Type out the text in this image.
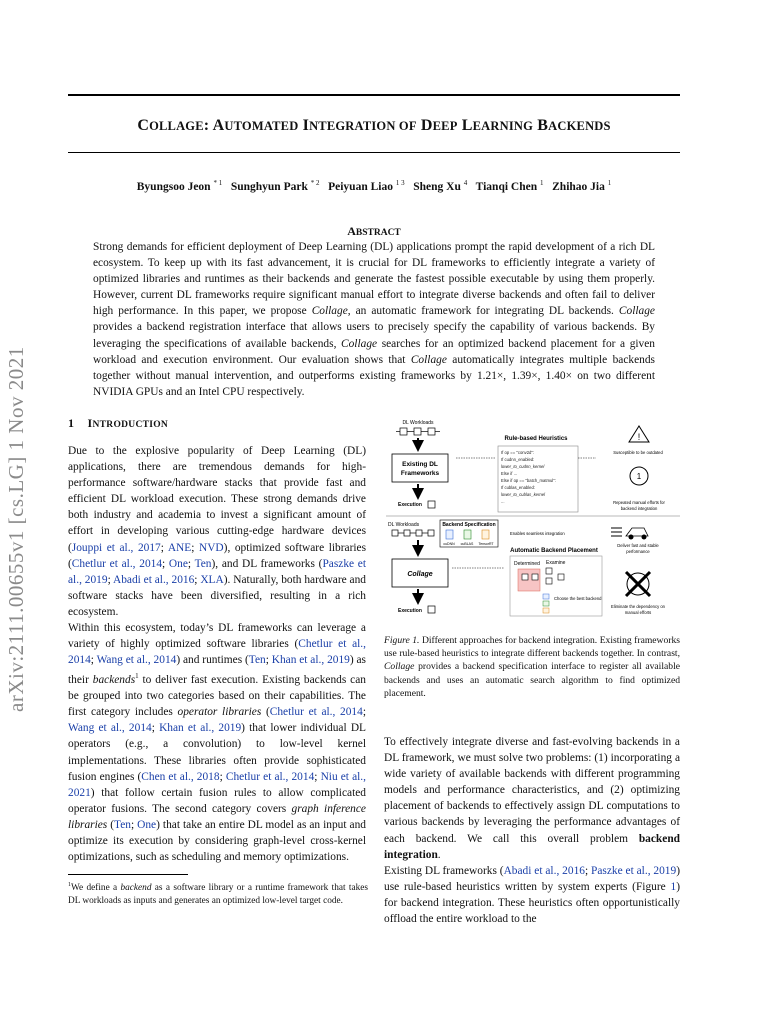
COLLAGE: AUTOMATED INTEGRATION OF DEEP LEARNING BACKENDS
Byungsoo Jeon $^{* 1}$ Sunghyun Park $^{* 2}$ Peiyuan Liao $^{1 3}$ Sheng Xu $^4$ Tianqi Chen $^1$ Zhihao Jia $^1$
ABSTRACT
Strong demands for efficient deployment of Deep Learning (DL) applications prompt the rapid development of a rich DL ecosystem. To keep up with its fast advancement, it is crucial for DL frameworks to efficiently integrate a variety of optimized libraries and runtimes as their backends and generate the fastest possible executable by using them properly. However, current DL frameworks require significant manual effort to integrate diverse backends and often fail to deliver high performance. In this paper, we propose Collage, an automatic framework for integrating DL backends. Collage provides a backend registration interface that allows users to precisely specify the capability of various backends. By leveraging the specifications of available backends, Collage searches for an optimized backend placement for a given workload and execution environment. Our evaluation shows that Collage automatically integrates multiple backends together without manual intervention, and outperforms existing frameworks by 1.21×, 1.39×, 1.40× on two different NVIDIA GPUs and an Intel CPU respectively.
arXiv:2111.00655v1 [cs.LG] 1 Nov 2021	1    INTRODUCTION
Due to the explosive popularity of Deep Learning (DL) applications, there are tremendous demands for high-performance software/hardware stacks that provide fast and efficient DL workload execution. These strong demands drive both industry and academia to invest a significant amount of effort in developing various cutting-edge hardware devices (Jouppi et al., 2017; ANE; NVD), optimized software libraries (Chetlur et al., 2014; One; Ten), and DL frameworks (Paszke et al., 2019; Abadi et al., 2016; XLA). Naturally, both hardware and software stacks have been diversified, resulting in a rich ecosystem.
Within this ecosystem, today’s DL frameworks can leverage a variety of highly optimized software libraries (Chetlur et al., 2014; Wang et al., 2014) and runtimes (Ten; Khan et al., 2019) as their backends$^1$ to deliver fast execution. Existing backends can be grouped into two categories based on their capabilities. The first category includes operator libraries (Chetlur et al., 2014; Wang et al., 2014; Khan et al., 2019) that lower individual DL operators (e.g., a convolution) to low-level kernel implementations. These libraries often provide sophisticated fusion engines (Chen et al., 2018; Chetlur et al., 2014; Niu et al., 2021) that follow certain fusion rules to allow complicated operator fusions. The second category covers graph inference libraries (Ten; One) that take an entire DL model as an input and optimize its execution by considering graph-level cross-kernel optimizations, such as scheduling and memory optimizations.
$^1$We define a backend as a software library or a runtime framework that takes DL workloads as inputs and generates an optimized low-level target code.
DL Workloads
Existing DL
Frameworks
Execution
Rule-based Heuristics
If op == "conv2d":
If cudnn_enabled:
lower_to_cudnn_kernel
Else if ...
Else if op == "batch_matmul":
If cublas_enabled:
lower_to_cublas_kernel
...
!
Susceptible to be outdated
1
Repeated manual efforts for
backend integration
DL Workloads	Backend Specification
cuDNN cuBLAS TensorRT
Enables seamless integration
Deliver fast and stable
performance
Automatic Backend Placement
Collage
Execution
Determined Examine
Choose the best backend
Eliminate the dependency on
manual efforts
Figure 1. Different approaches for backend integration. Existing frameworks use rule-based heuristics to integrate different backends together. In contrast, Collage provides a backend specification interface to register all available backends and uses an automatic search algorithm to find optimized placement.
To effectively integrate diverse and fast-evolving backends in a DL framework, we must solve two problems: (1) incorporating a wide variety of available backends with different programming models and performance characteristics, and (2) optimizing placement of backends to effectively assign DL computations to various backends by leveraging the performance advantages of each backend. We call this overall problem backend integration.
Existing DL frameworks (Abadi et al., 2016; Paszke et al., 2019) use rule-based heuristics written by system experts (Figure 1) for backend integration. These heuristics often opportunistically offload the entire workload to the
